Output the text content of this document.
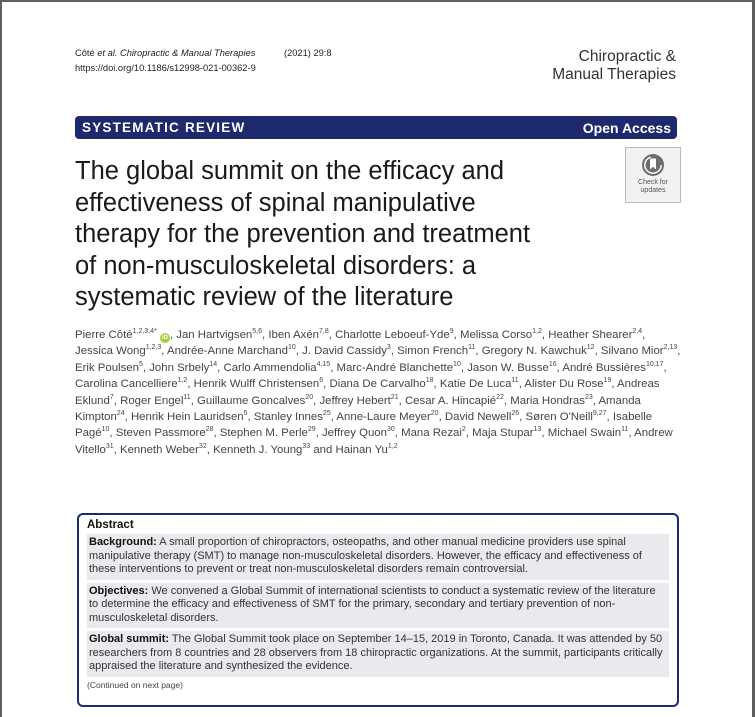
Côté et al. Chiropractic & Manual Therapies	(2021) 29:8
https://doi.org/10.1186/s12998-021-00362-9
Chiropractic &
Manual Therapies
SYSTEMATIC REVIEW	Open Access
The global summit on the efficacy and
effectiveness of spinal manipulative
therapy for the prevention and treatment
of non-musculoskeletal disorders: a
systematic review of the literature
Check for
updates
Pierre Côté$^{1,2,3,4*}$ iD , Jan Hartvigsen$^{5,6}$, Iben Axén$^{7,8}$, Charlotte Leboeuf-Yde$^9$, Melissa Corso$^{1,2}$, Heather Shearer$^{2,4}$, Jessica Wong$^{1,2,3}$, Andrée-Anne Marchand$^{10}$, J. David Cassidy$^3$, Simon French$^{11}$, Gregory N. Kawchuk$^{12}$, Silvano Mior$^{2,13}$, Erik Poulsen$^5$, John Srbely$^{14}$, Carlo Ammendolia$^{4,15}$, Marc-André Blanchette$^{10}$, Jason W. Busse$^{16}$, André Bussières$^{10,17}$, Carolina Cancelliere$^{1,2}$, Henrik Wulff Christensen$^6$, Diana De Carvalho$^{18}$, Katie De Luca$^{11}$, Alister Du Rose$^{19}$, Andreas Eklund$^7$, Roger Engel$^{11}$, Guillaume Goncalves$^{20}$, Jeffrey Hebert$^{21}$, Cesar A. Hincapié$^{22}$, Maria Hondras$^{23}$, Amanda Kimpton$^{24}$, Henrik Hein Lauridsen$^5$, Stanley Innes$^{25}$, Anne-Laure Meyer$^{20}$, David Newell$^{26}$, Søren O'Neill$^{9,27}$, Isabelle Pagé$^{10}$, Steven Passmore$^{28}$, Stephen M. Perle$^{29}$, Jeffrey Quon$^{30}$, Mana Rezai$^2$, Maja Stupar$^{13}$, Michael Swain$^{11}$, Andrew Vitello$^{31}$, Kenneth Weber$^{32}$, Kenneth J. Young$^{33}$ and Hainan Yu$^{1,2}$
Abstract
Background: A small proportion of chiropractors, osteopaths, and other manual medicine providers use spinal manipulative therapy (SMT) to manage non-musculoskeletal disorders. However, the efficacy and effectiveness of these interventions to prevent or treat non-musculoskeletal disorders remain controversial.
Objectives: We convened a Global Summit of international scientists to conduct a systematic review of the literature to determine the efficacy and effectiveness of SMT for the primary, secondary and tertiary prevention of non-musculoskeletal disorders.
Global summit: The Global Summit took place on September 14–15, 2019 in Toronto, Canada. It was attended by 50 researchers from 8 countries and 28 observers from 18 chiropractic organizations. At the summit, participants critically appraised the literature and synthesized the evidence.
(Continued on next page)
